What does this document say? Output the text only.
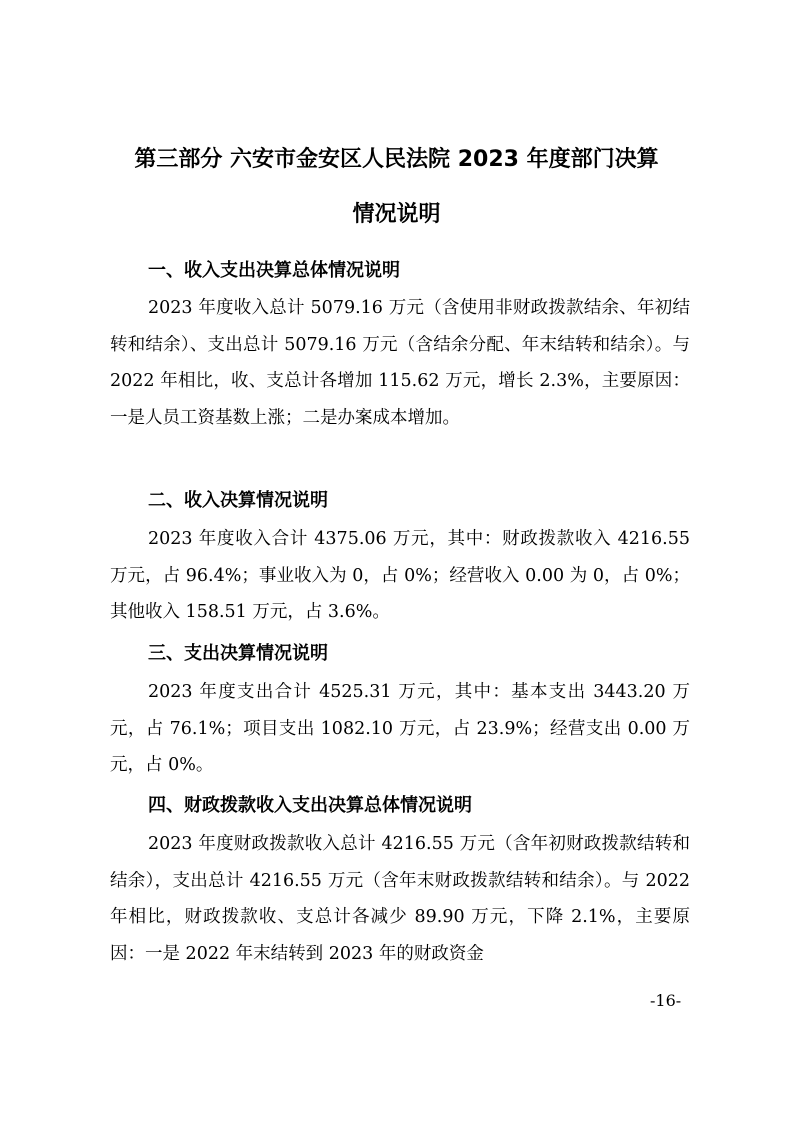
第三部分 六安市金安区人民法院 2023 年度部门决算
情况说明
一、收入支出决算总体情况说明

2023 年度收入总计 5079.16 万元（含使用非财政拨款结余、年初结转和结余）、支出总计 5079.16 万元（含结余分配、年末结转和结余）。与 2022 年相比，收、支总计各增加 115.62 万元，增长 2.3%，主要原因：一是人员工资基数上涨；二是办案成本增加。

二、收入决算情况说明

2023 年度收入合计 4375.06 万元，其中：财政拨款收入 4216.55 万元，占 96.4%；事业收入为 0，占 0%；经营收入 0.00 为 0，占 0%；其他收入 158.51 万元，占 3.6%。

三、支出决算情况说明

2023 年度支出合计 4525.31 万元，其中：基本支出 3443.20 万元，占 76.1%；项目支出 1082.10 万元，占 23.9%；经营支出 0.00 万元，占 0%。

四、财政拨款收入支出决算总体情况说明

2023 年度财政拨款收入总计 4216.55 万元（含年初财政拨款结转和结余），支出总计 4216.55 万元（含年末财政拨款结转和结余）。与 2022 年相比，财政拨款收、支总计各减少 89.90 万元，下降 2.1%，主要原因：一是 2022 年末结转到 2023 年的财政资金

-16-
